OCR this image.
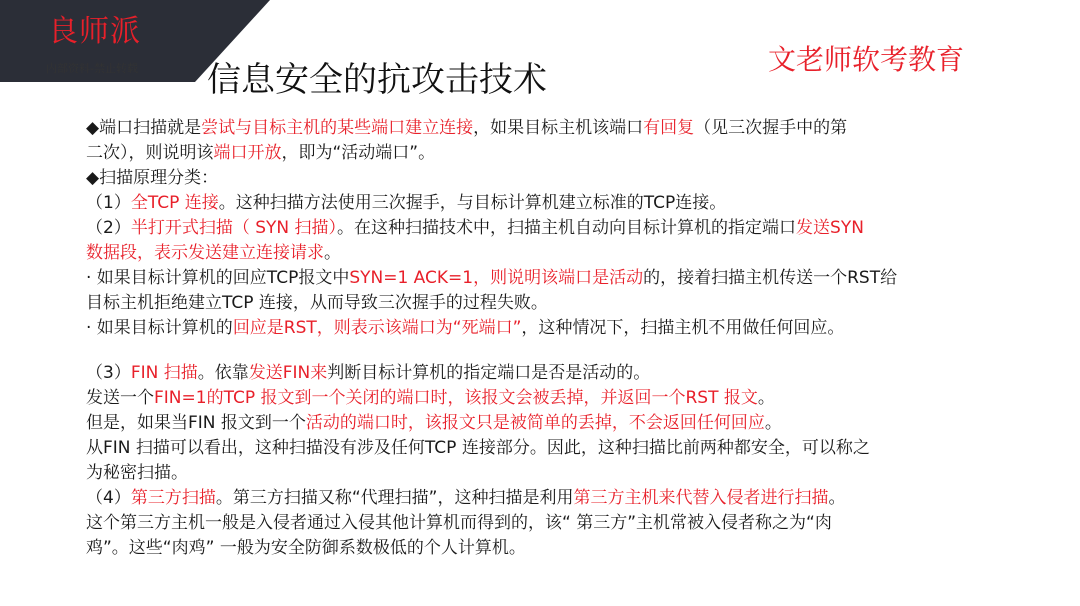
良师派
内部资料-禁止转载 信息安全的抗攻击技术
文老师软考教育
◆端口扫描就是尝试与目标主机的某些端口建立连接，如果目标主机该端口有回复（见三次握手中的第
二次），则说明该端口开放，即为“活动端口”。
◆扫描原理分类：
（1）全TCP 连接。这种扫描方法使用三次握手，与目标计算机建立标准的TCP连接。
（2）半打开式扫描（ SYN 扫描）。在这种扫描技术中，扫描主机自动向目标计算机的指定端口发送SYN
数据段，表示发送建立连接请求。
· 如果目标计算机的回应TCP报文中SYN=1 ACK=1，则说明该端口是活动的，接着扫描主机传送一个RST给
目标主机拒绝建立TCP 连接，从而导致三次握手的过程失败。
· 如果目标计算机的回应是RST，则表示该端口为“死端口”，这种情况下，扫描主机不用做任何回应。
（3）FIN 扫描。依靠发送FIN来判断目标计算机的指定端口是否是活动的。
发送一个FIN=1的TCP 报文到一个关闭的端口时，该报文会被丢掉，并返回一个RST 报文。
但是，如果当FIN 报文到一个活动的端口时，该报文只是被简单的丢掉，不会返回任何回应。
从FIN 扫描可以看出，这种扫描没有涉及任何TCP 连接部分。因此，这种扫描比前两种都安全，可以称之
为秘密扫描。
（4）第三方扫描。第三方扫描又称“代理扫描”，这种扫描是利用第三方主机来代替入侵者进行扫描。
这个第三方主机一般是入侵者通过入侵其他计算机而得到的，该“ 第三方”主机常被入侵者称之为“肉
鸡”。这些“肉鸡” 一般为安全防御系数极低的个人计算机。
